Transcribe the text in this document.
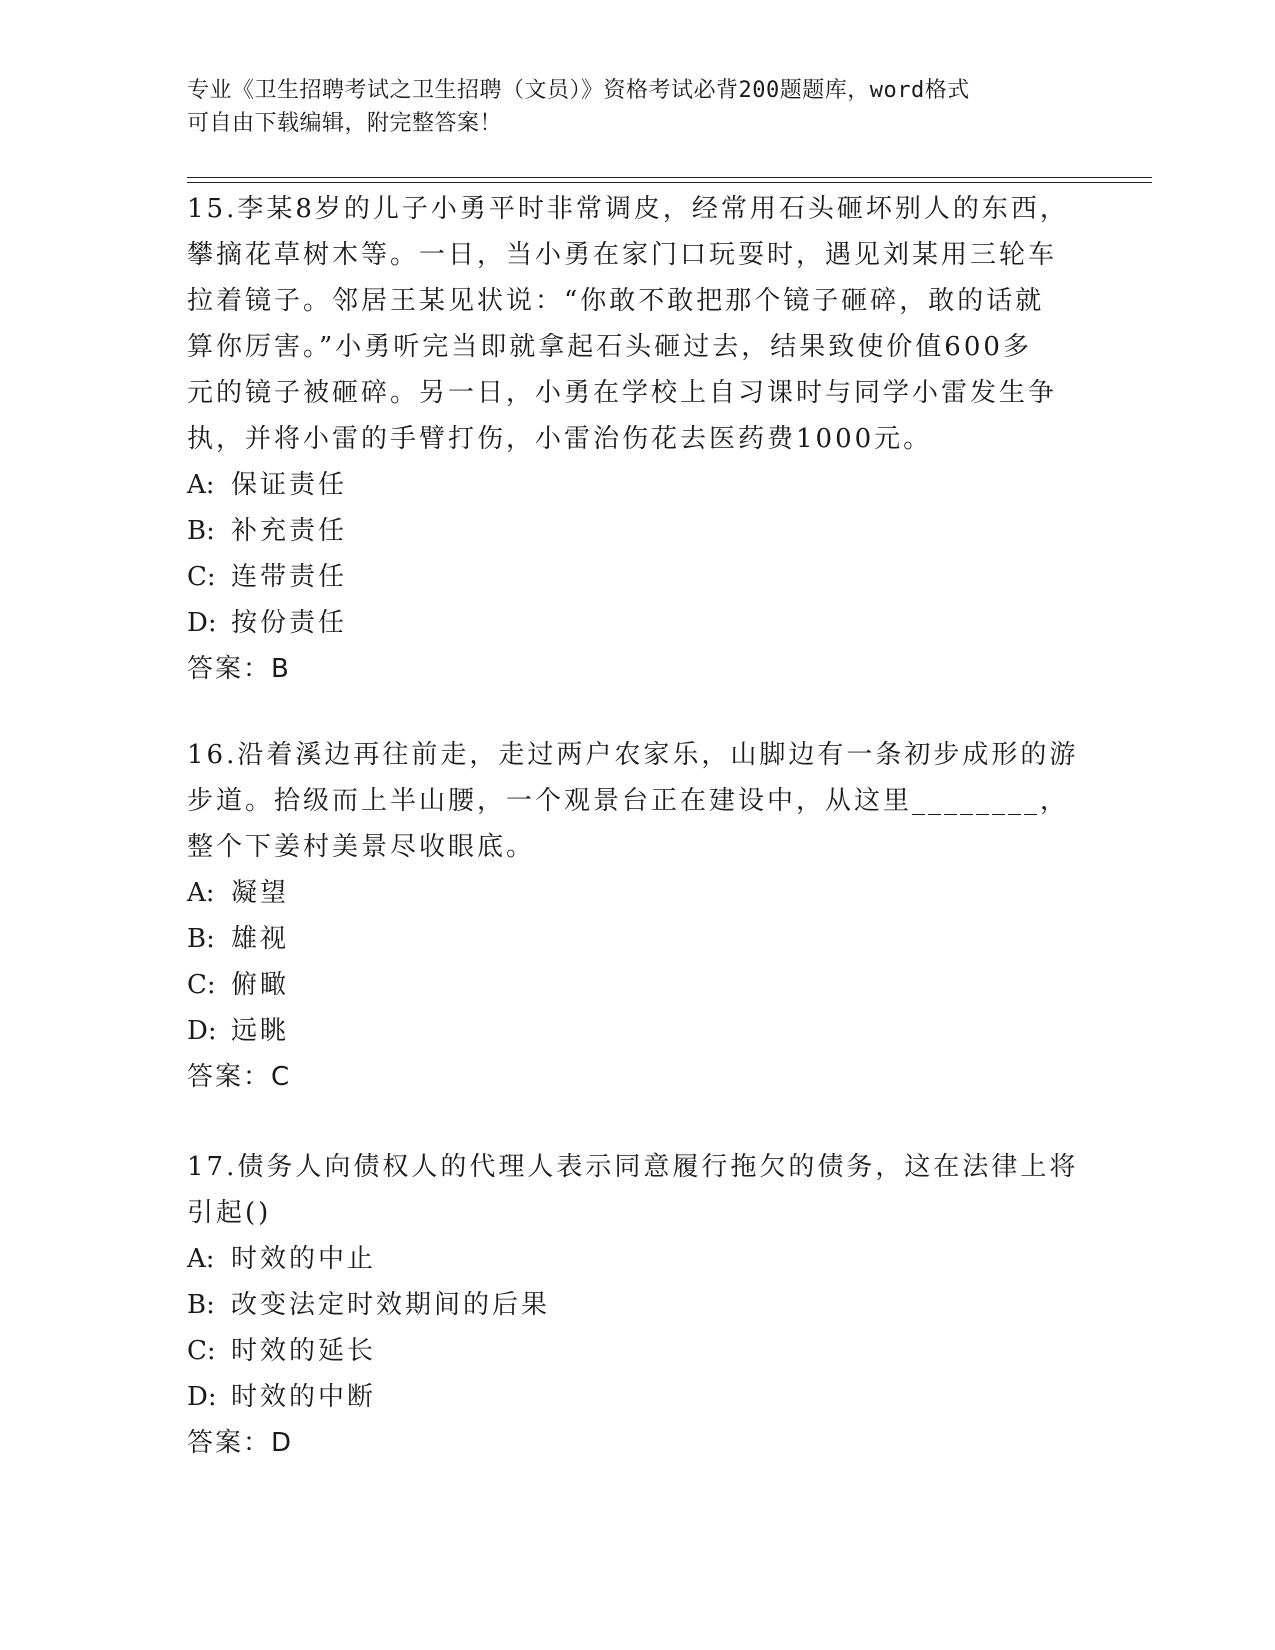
专业《卫生招聘考试之卫生招聘（文员）》资格考试必背200题题库，word格式
可自由下载编辑，附完整答案！

15.李某8岁的儿子小勇平时非常调皮，经常用石头砸坏别人的东西，

攀摘花草树木等。一日，当小勇在家门口玩耍时，遇见刘某用三轮车

拉着镜子。邻居王某见状说：“你敢不敢把那个镜子砸碎，敢的话就

算你厉害。”小勇听完当即就拿起石头砸过去，结果致使价值600多

元的镜子被砸碎。另一日，小勇在学校上自习课时与同学小雷发生争

执，并将小雷的手臂打伤，小雷治伤花去医药费1000元。

A: 保证责任

B: 补充责任

C: 连带责任

D: 按份责任

答案：B

16.沿着溪边再往前走，走过两户农家乐，山脚边有一条初步成形的游

步道。拾级而上半山腰，一个观景台正在建设中，从这里________，

整个下姜村美景尽收眼底。

A: 凝望

B: 雄视

C: 俯瞰

D: 远眺

答案：C

17.债务人向债权人的代理人表示同意履行拖欠的债务，这在法律上将

引起()

A: 时效的中止

B: 改变法定时效期间的后果

C: 时效的延长

D: 时效的中断

答案：D
